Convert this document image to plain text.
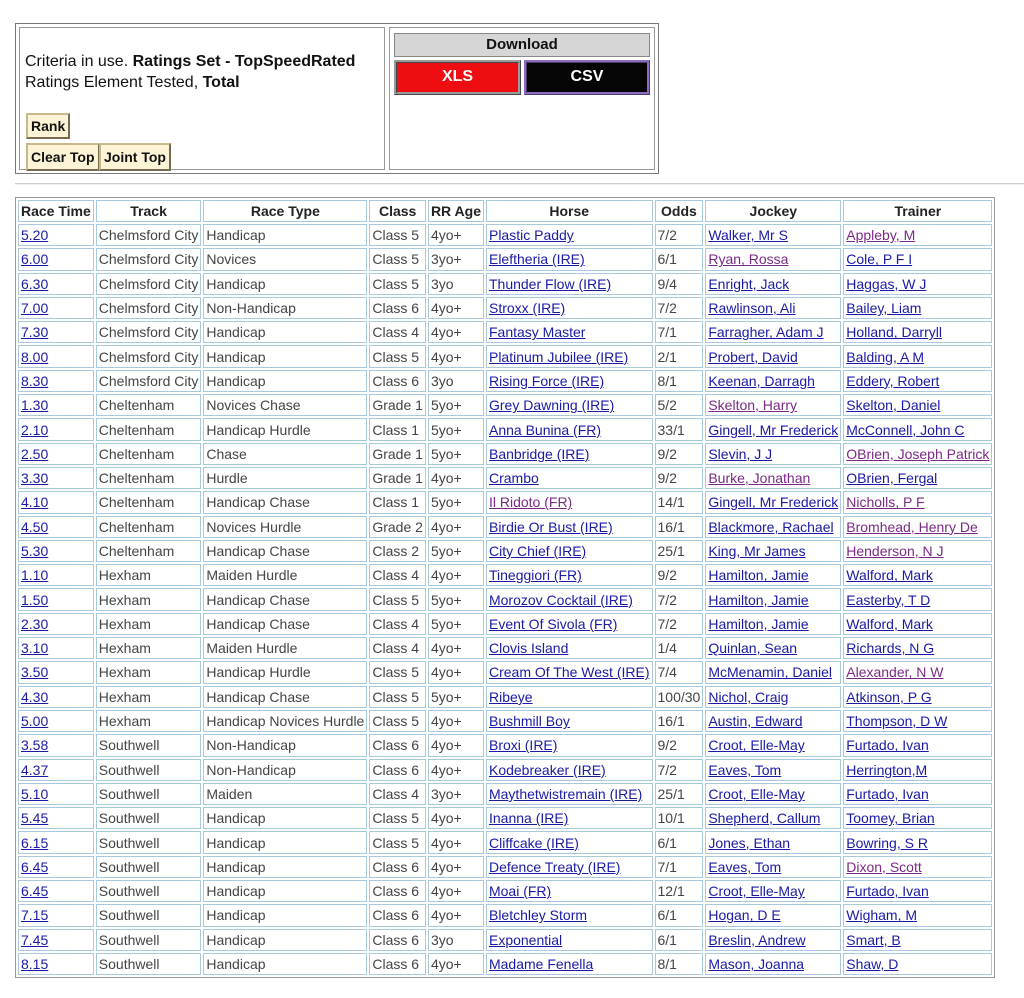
Criteria in use. Ratings Set - TopSpeedRated
Ratings Element Tested, Total
Rank
Clear Top Joint Top
Download
XLS	CSV
Race Time	Track	Race Type	Class	RR Age	Horse	Odds	Jockey	Trainer
5.20	Chelmsford City	Handicap	Class 5	4yo+	Plastic Paddy	7/2	Walker, Mr S	Appleby, M
6.00	Chelmsford City	Novices	Class 5	3yo+	Eleftheria (IRE)	6/1	Ryan, Rossa	Cole, P F I
6.30	Chelmsford City	Handicap	Class 5	3yo	Thunder Flow (IRE)	9/4	Enright, Jack	Haggas, W J
7.00	Chelmsford City	Non-Handicap	Class 6	4yo+	Stroxx (IRE)	7/2	Rawlinson, Ali	Bailey, Liam
7.30	Chelmsford City	Handicap	Class 4	4yo+	Fantasy Master	7/1	Farragher, Adam J	Holland, Darryll
8.00	Chelmsford City	Handicap	Class 5	4yo+	Platinum Jubilee (IRE)	2/1	Probert, David	Balding, A M
8.30	Chelmsford City	Handicap	Class 6	3yo	Rising Force (IRE)	8/1	Keenan, Darragh	Eddery, Robert
1.30	Cheltenham	Novices Chase	Grade 1	5yo+	Grey Dawning (IRE)	5/2	Skelton, Harry	Skelton, Daniel
2.10	Cheltenham	Handicap Hurdle	Class 1	5yo+	Anna Bunina (FR)	33/1	Gingell, Mr Frederick	McConnell, John C
2.50	Cheltenham	Chase	Grade 1	5yo+	Banbridge (IRE)	9/2	Slevin, J J	OBrien, Joseph Patrick
3.30	Cheltenham	Hurdle	Grade 1	4yo+	Crambo	9/2	Burke, Jonathan	OBrien, Fergal
4.10	Cheltenham	Handicap Chase	Class 1	5yo+	Il Ridoto (FR)	14/1	Gingell, Mr Frederick	Nicholls, P F
4.50	Cheltenham	Novices Hurdle	Grade 2	4yo+	Birdie Or Bust (IRE)	16/1	Blackmore, Rachael	Bromhead, Henry De
5.30	Cheltenham	Handicap Chase	Class 2	5yo+	City Chief (IRE)	25/1	King, Mr James	Henderson, N J
1.10	Hexham	Maiden Hurdle	Class 4	4yo+	Tineggiori (FR)	9/2	Hamilton, Jamie	Walford, Mark
1.50	Hexham	Handicap Chase	Class 5	5yo+	Morozov Cocktail (IRE)	7/2	Hamilton, Jamie	Easterby, T D
2.30	Hexham	Handicap Chase	Class 4	5yo+	Event Of Sivola (FR)	7/2	Hamilton, Jamie	Walford, Mark
3.10	Hexham	Maiden Hurdle	Class 4	4yo+	Clovis Island	1/4	Quinlan, Sean	Richards, N G
3.50	Hexham	Handicap Hurdle	Class 5	4yo+	Cream Of The West (IRE)	7/4	McMenamin, Daniel	Alexander, N W
4.30	Hexham	Handicap Chase	Class 5	5yo+	Ribeye	100/30	Nichol, Craig	Atkinson, P G
5.00	Hexham	Handicap Novices Hurdle	Class 5	4yo+	Bushmill Boy	16/1	Austin, Edward	Thompson, D W
3.58	Southwell	Non-Handicap	Class 6	4yo+	Broxi (IRE)	9/2	Croot, Elle-May	Furtado, Ivan
4.37	Southwell	Non-Handicap	Class 6	4yo+	Kodebreaker (IRE)	7/2	Eaves, Tom	Herrington,M
5.10	Southwell	Maiden	Class 4	3yo+	Maythetwistremain (IRE)	25/1	Croot, Elle-May	Furtado, Ivan
5.45	Southwell	Handicap	Class 5	4yo+	Inanna (IRE)	10/1	Shepherd, Callum	Toomey, Brian
6.15	Southwell	Handicap	Class 5	4yo+	Cliffcake (IRE)	6/1	Jones, Ethan	Bowring, S R
6.45	Southwell	Handicap	Class 6	4yo+	Defence Treaty (IRE)	7/1	Eaves, Tom	Dixon, Scott
6.45	Southwell	Handicap	Class 6	4yo+	Moai (FR)	12/1	Croot, Elle-May	Furtado, Ivan
7.15	Southwell	Handicap	Class 6	4yo+	Bletchley Storm	6/1	Hogan, D E	Wigham, M
7.45	Southwell	Handicap	Class 6	3yo	Exponential	6/1	Breslin, Andrew	Smart, B
8.15	Southwell	Handicap	Class 6	4yo+	Madame Fenella	8/1	Mason, Joanna	Shaw, D
